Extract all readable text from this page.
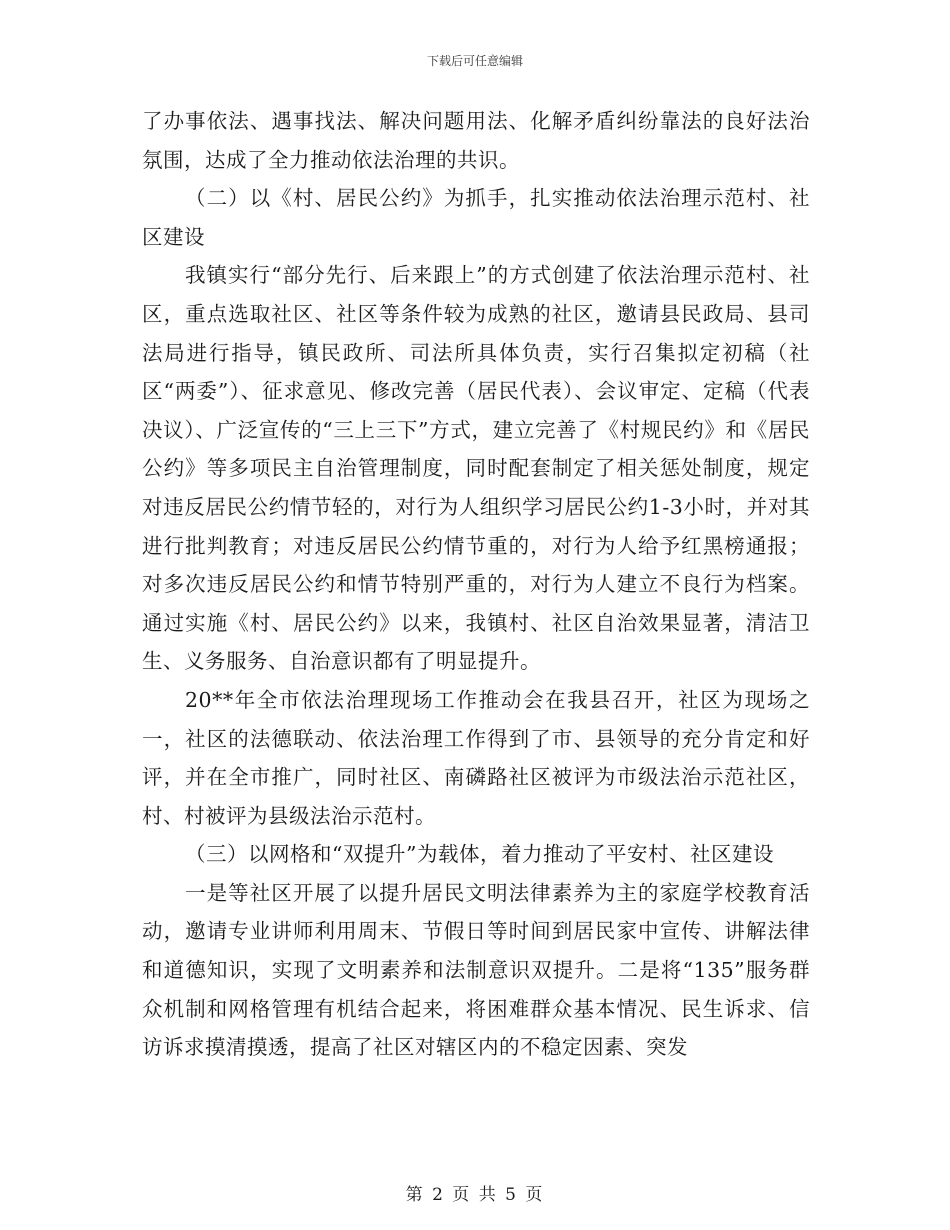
下载后可任意编辑

了办事依法、遇事找法、解决问题用法、化解矛盾纠纷靠法的良好法治氛围，达成了全力推动依法治理的共识。

（二）以《村、居民公约》为抓手，扎实推动依法治理示范村、社区建设

我镇实行“部分先行、后来跟上”的方式创建了依法治理示范村、社区，重点选取社区、社区等条件较为成熟的社区，邀请县民政局、县司法局进行指导，镇民政所、司法所具体负责，实行召集拟定初稿（社区“两委”）、征求意见、修改完善（居民代表）、会议审定、定稿（代表决议）、广泛宣传的“三上三下”方式，建立完善了《村规民约》和《居民公约》等多项民主自治管理制度，同时配套制定了相关惩处制度，规定对违反居民公约情节轻的，对行为人组织学习居民公约1-3小时，并对其进行批判教育；对违反居民公约情节重的，对行为人给予红黑榜通报；对多次违反居民公约和情节特别严重的，对行为人建立不良行为档案。通过实施《村、居民公约》以来，我镇村、社区自治效果显著，清洁卫生、义务服务、自治意识都有了明显提升。

20**年全市依法治理现场工作推动会在我县召开，社区为现场之一，社区的法德联动、依法治理工作得到了市、县领导的充分肯定和好评，并在全市推广，同时社区、南磷路社区被评为市级法治示范社区，村、村被评为县级法治示范村。

（三）以网格和“双提升”为载体，着力推动了平安村、社区建设

一是等社区开展了以提升居民文明法律素养为主的家庭学校教育活动，邀请专业讲师利用周末、节假日等时间到居民家中宣传、讲解法律和道德知识，实现了文明素养和法制意识双提升。二是将“135”服务群众机制和网格管理有机结合起来，将困难群众基本情况、民生诉求、信访诉求摸清摸透，提高了社区对辖区内的不稳定因素、突发

第 2 页 共 5 页
